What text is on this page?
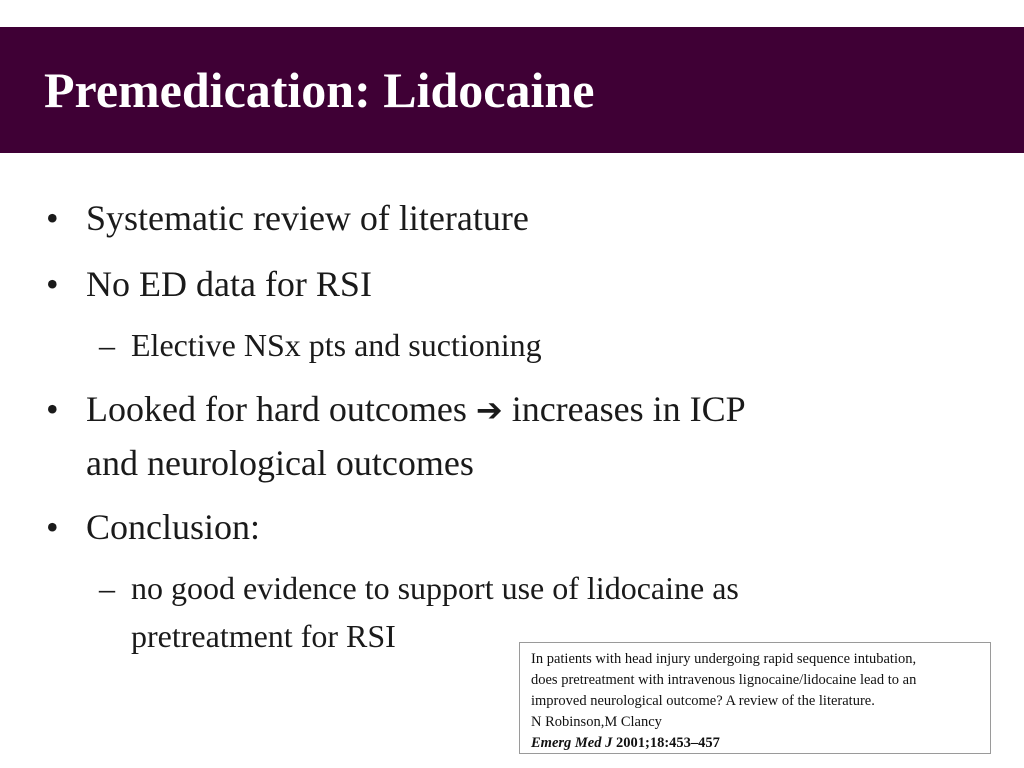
Premedication: Lidocaine
• Systematic review of literature
• No ED data for RSI
– Elective NSx pts and suctioning
• Looked for hard outcomes ➔ increases in ICP
and neurological outcomes
• Conclusion:
– no good evidence to support use of lidocaine as
pretreatment for RSI
In patients with head injury undergoing rapid sequence intubation,
does pretreatment with intravenous lignocaine/lidocaine lead to an
improved neurological outcome? A review of the literature.
N Robinson,M Clancy
Emerg Med J 2001;18:453–457
